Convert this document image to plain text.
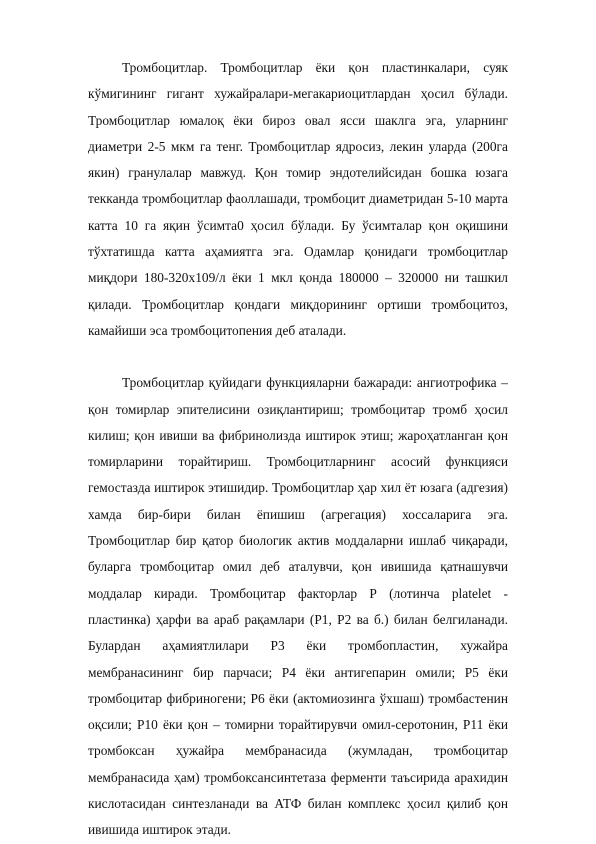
Тромбоцитлар. Тромбоцитлар ёки қон пластинкалари, суяк кўмигининг гигант хужайралари-мегакариоцитлардан ҳосил бўлади. Тромбоцитлар юмалоқ ёки бироз овал ясси шаклга эга, уларнинг диаметри 2-5 мкм га тенг. Тромбоцитлар ядросиз, лекин уларда (200га якин) гранулалар мавжуд. Қон томир эндотелийсидан бошка юзага текканда тромбоцитлар фаоллашади, тромбоцит диаметридан 5-10 марта катта 10 га яқин ўсимта0 ҳосил бўлади. Бу ўсимталар қон оқишини тўхтатишда катта аҳамиятга эга. Одамлар қонидаги тромбоцитлар миқдори 180-320х109/л ёки 1 мкл қонда 180000 – 320000 ни ташкил қилади. Тромбоцитлар қондаги миқдорининг ортиши тромбоцитоз, камайиши эса тромбоцитопения деб аталади.

Тромбоцитлар қуйидаги функцияларни бажаради: ангиотрофика – қон томирлар эпителисини озиқлантириш; тромбоцитар тромб ҳосил килиш; қон ивиши ва фибринолизда иштирок этиш; жароҳатланган қон томирларини торайтириш. Тромбоцитларнинг асосий функцияси гемостазда иштирок этишидир. Тромбоцитлар ҳар хил ёт юзага (адгезия) хамда бир-бири билан ёпишиш (агрегация) хоссаларига эга. Тромбоцитлар бир қатор биологик актив моддаларни ишлаб чиқаради, буларга тромбоцитар омил деб аталувчи, қон ивишида қатнашувчи моддалар киради. Тромбоцитар факторлар Р (лотинча platelet - пластинка) ҳарфи ва араб рақамлари (Р1, Р2 ва б.) билан белгиланади. Булардан аҳамиятлилари Р3 ёки тромбопластин, хужайра мембранасининг бир парчаси; Р4 ёки антигепарин омили; Р5 ёки тромбоцитар фибриногени; Р6 ёки (актомиозинга ўхшаш) тромбастенин оқсили; Р10 ёки қон – томирни торайтирувчи омил-серотонин, Р11 ёки тромбоксан ҳужайра мембранасида (жумладан, тромбоцитар мембранасида ҳам) тромбоксансинтетаза ферменти таъсирида арахидин кислотасидан синтезланади ва АТФ билан комплекс ҳосил қилиб қон ивишида иштирок этади.
